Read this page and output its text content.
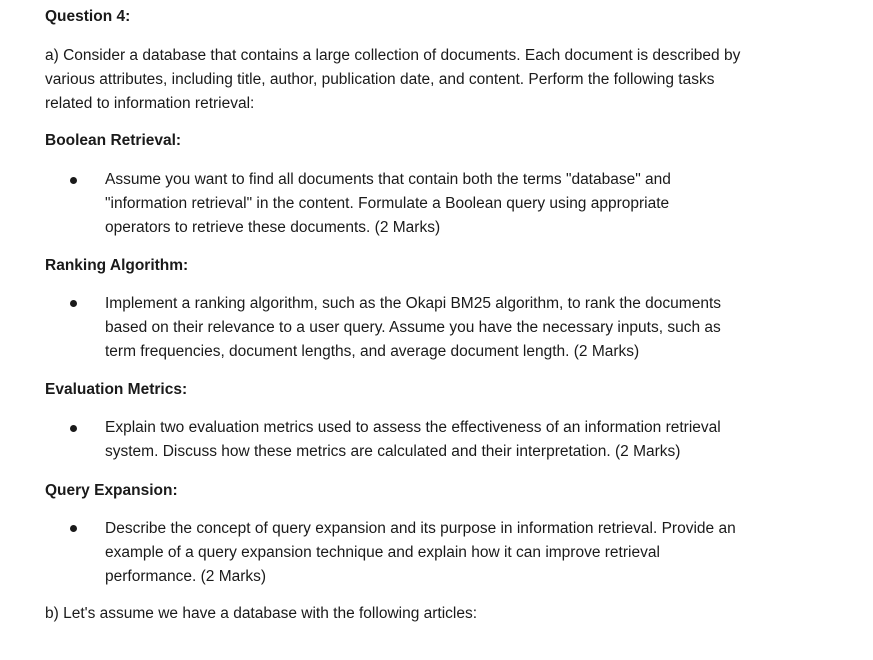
Question 4:
a) Consider a database that contains a large collection of documents. Each document is described by
various attributes, including title, author, publication date, and content. Perform the following tasks
related to information retrieval:
Boolean Retrieval:
Assume you want to find all documents that contain both the terms "database" and
"information retrieval" in the content. Formulate a Boolean query using appropriate
operators to retrieve these documents. (2 Marks)
Ranking Algorithm:
Implement a ranking algorithm, such as the Okapi BM25 algorithm, to rank the documents
based on their relevance to a user query. Assume you have the necessary inputs, such as
term frequencies, document lengths, and average document length. (2 Marks)
Evaluation Metrics:
Explain two evaluation metrics used to assess the effectiveness of an information retrieval
system. Discuss how these metrics are calculated and their interpretation. (2 Marks)
Query Expansion:
Describe the concept of query expansion and its purpose in information retrieval. Provide an
example of a query expansion technique and explain how it can improve retrieval
performance. (2 Marks)
b) Let's assume we have a database with the following articles:
